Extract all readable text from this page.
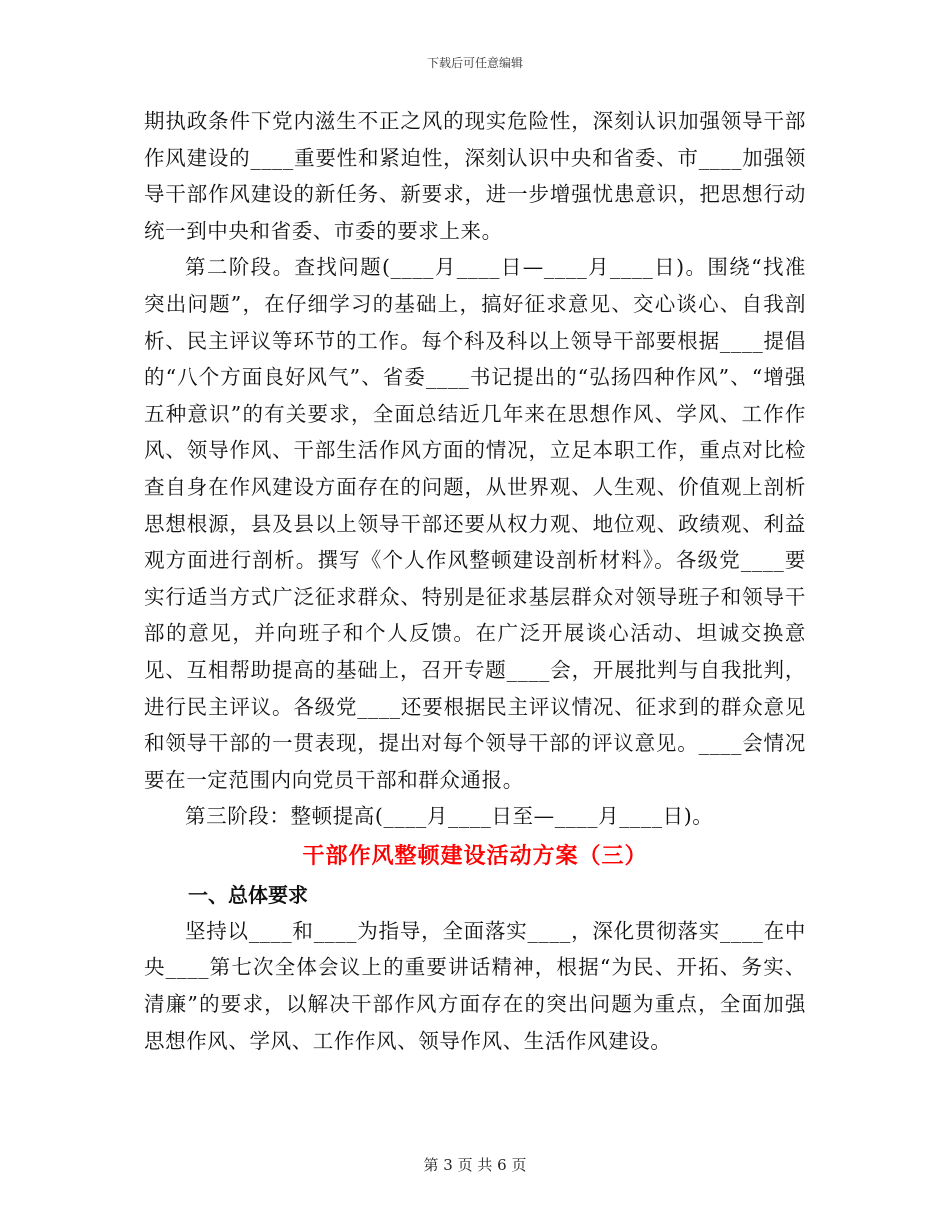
下载后可任意编辑

期执政条件下党内滋生不正之风的现实危险性，深刻认识加强领导干部作风建设的____重要性和紧迫性，深刻认识中央和省委、市____加强领导干部作风建设的新任务、新要求，进一步增强忧患意识，把思想行动统一到中央和省委、市委的要求上来。

第二阶段。查找问题(____月____日—____月____日)。围绕“找准突出问题”，在仔细学习的基础上，搞好征求意见、交心谈心、自我剖析、民主评议等环节的工作。每个科及科以上领导干部要根据____提倡的“八个方面良好风气”、省委____书记提出的“弘扬四种作风”、“增强五种意识”的有关要求，全面总结近几年来在思想作风、学风、工作作风、领导作风、干部生活作风方面的情况，立足本职工作，重点对比检查自身在作风建设方面存在的问题，从世界观、人生观、价值观上剖析思想根源，县及县以上领导干部还要从权力观、地位观、政绩观、利益观方面进行剖析。撰写《个人作风整顿建设剖析材料》。各级党____要实行适当方式广泛征求群众、特别是征求基层群众对领导班子和领导干部的意见，并向班子和个人反馈。在广泛开展谈心活动、坦诚交换意见、互相帮助提高的基础上，召开专题____会，开展批判与自我批判，进行民主评议。各级党____还要根据民主评议情况、征求到的群众意见和领导干部的一贯表现，提出对每个领导干部的评议意见。____会情况要在一定范围内向党员干部和群众通报。

第三阶段：整顿提高(____月____日至—____月____日)。

干部作风整顿建设活动方案（三）
一、总体要求

坚持以____和____为指导，全面落实____，深化贯彻落实____在中央____第七次全体会议上的重要讲话精神，根据“为民、开拓、务实、清廉”的要求，以解决干部作风方面存在的突出问题为重点，全面加强思想作风、学风、工作作风、领导作风、生活作风建设。

第 3 页 共 6 页
